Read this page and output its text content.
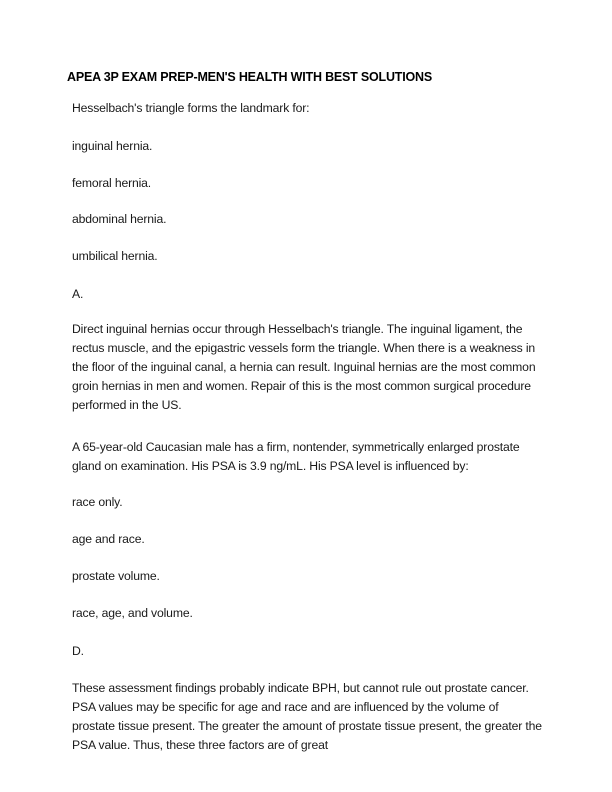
APEA 3P EXAM PREP-MEN'S HEALTH WITH BEST SOLUTIONS
Hesselbach's triangle forms the landmark for:
inguinal hernia.
femoral hernia.
abdominal hernia.
umbilical hernia.
A.
Direct inguinal hernias occur through Hesselbach's triangle. The inguinal ligament, the rectus muscle, and the epigastric vessels form the triangle. When there is a weakness in the floor of the inguinal canal, a hernia can result. Inguinal hernias are the most common groin hernias in men and women. Repair of this is the most common surgical procedure performed in the US.
A 65-year-old Caucasian male has a firm, nontender, symmetrically enlarged prostate gland on examination. His PSA is 3.9 ng/mL. His PSA level is influenced by:
race only.
age and race.
prostate volume.
race, age, and volume.
D.
These assessment findings probably indicate BPH, but cannot rule out prostate cancer. PSA values may be specific for age and race and are influenced by the volume of prostate tissue present. The greater the amount of prostate tissue present, the greater the PSA value. Thus, these three factors are of great
